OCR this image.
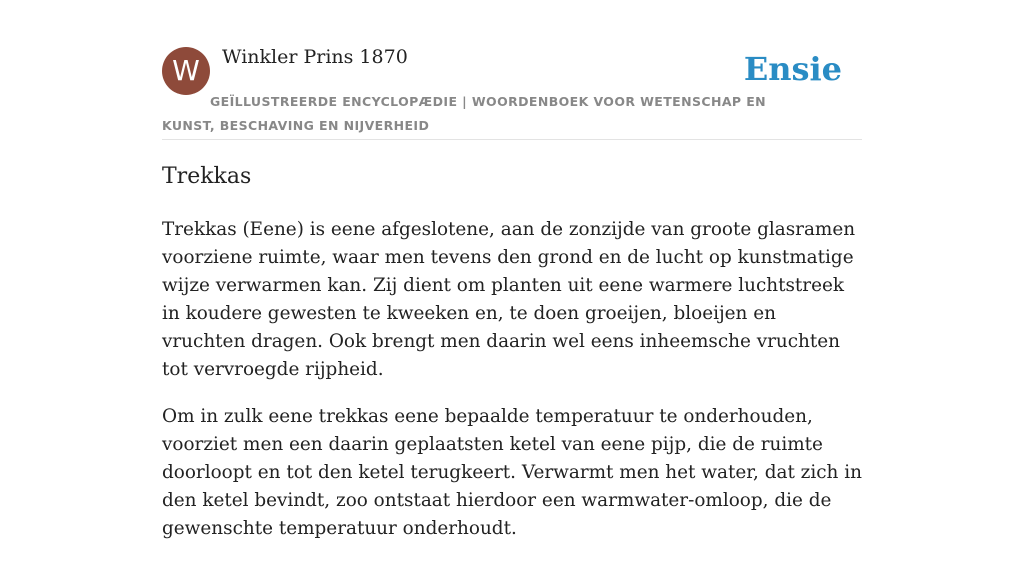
W Winkler Prins 1870	Ensie
GEÏLLUSTREERDE ENCYCLOPÆDIE | WOORDENBOEK VOOR WETENSCHAP EN KUNST, BESCHAVING EN NIJVERHEID
Trekkas

Trekkas (Eene) is eene afgeslotene, aan de zonzijde van groote glasramen voorziene ruimte, waar men tevens den grond en de lucht op kunstmatige wijze verwarmen kan. Zij dient om planten uit eene warmere luchtstreek in koudere gewesten te kweeken en, te doen groeijen, bloeijen en vruchten dragen. Ook brengt men daarin wel eens inheemsche vruchten tot vervroegde rijpheid.

Om in zulk eene trekkas eene bepaalde temperatuur te onderhouden, voorziet men een daarin geplaatsten ketel van eene pijp, die de ruimte doorloopt en tot den ketel terugkeert. Verwarmt men het water, dat zich in den ketel bevindt, zoo ontstaat hierdoor een warmwater-omloop, die de gewenschte temperatuur onderhoudt.
